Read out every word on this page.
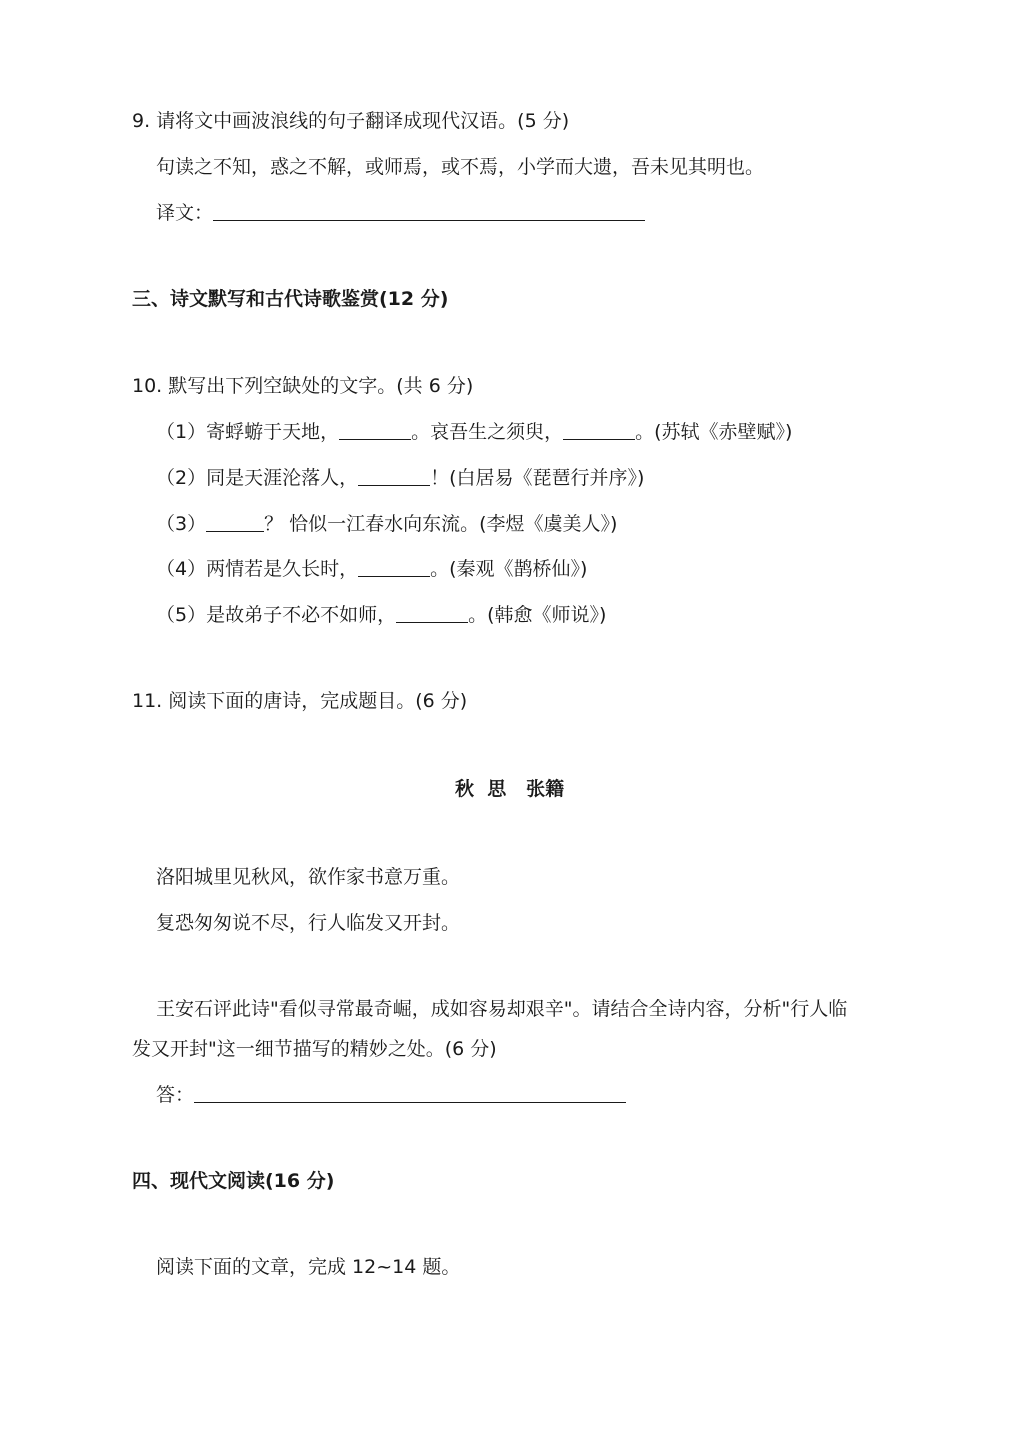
9. 请将文中画波浪线的句子翻译成现代汉语。(5 分)
句读之不知，惑之不解，或师焉，或不焉，小学而大遗，吾未见其明也。
译文：
三、诗文默写和古代诗歌鉴赏(12 分)
10. 默写出下列空缺处的文字。(共 6 分)
（1）寄蜉蝣于天地，	。哀吾生之须臾，	。(苏轼《赤壁赋》)
（2）同是天涯沦落人，	！(白居易《琵琶行并序》)
（3）	？ 恰似一江春水向东流。(李煜《虞美人》)
（4）两情若是久长时，	。(秦观《鹊桥仙》)
（5）是故弟子不必不如师，	。(韩愈《师说》)
11. 阅读下面的唐诗，完成题目。(6 分)
秋  思   张籍
洛阳城里见秋风，欲作家书意万重。
复恐匆匆说不尽，行人临发又开封。
王安石评此诗"看似寻常最奇崛，成如容易却艰辛"。请结合全诗内容，分析"行人临
发又开封"这一细节描写的精妙之处。(6 分)
答：
四、现代文阅读(16 分)
阅读下面的文章，完成 12~14 题。
